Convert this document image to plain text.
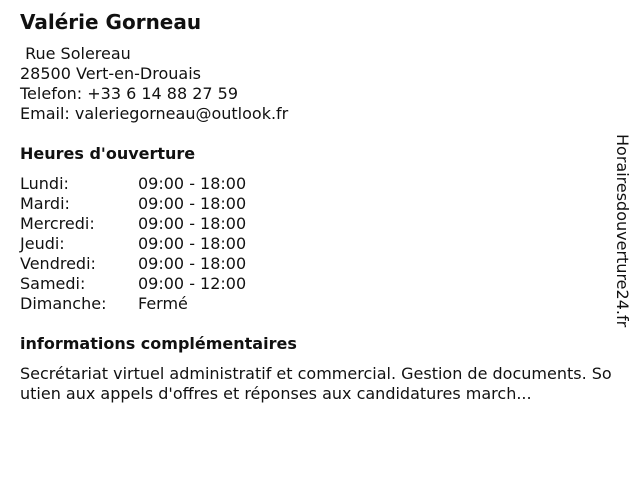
Valérie Gorneau
Rue Solereau
28500 Vert-en-Drouais
Telefon: +33 6 14 88 27 59
Email: valeriegorneau@outlook.fr
Heures d'ouverture
Lundi:	09:00 - 18:00
Mardi:	09:00 - 18:00
Mercredi:	09:00 - 18:00
Jeudi:	09:00 - 18:00
Vendredi:	09:00 - 18:00
Samedi:	09:00 - 12:00
Dimanche:	Fermé
informations complémentaires
Secrétariat virtuel administratif et commercial. Gestion de documents. Soutien aux appels d'offres et réponses aux candidatures march...
Horairesdouverture24.fr
